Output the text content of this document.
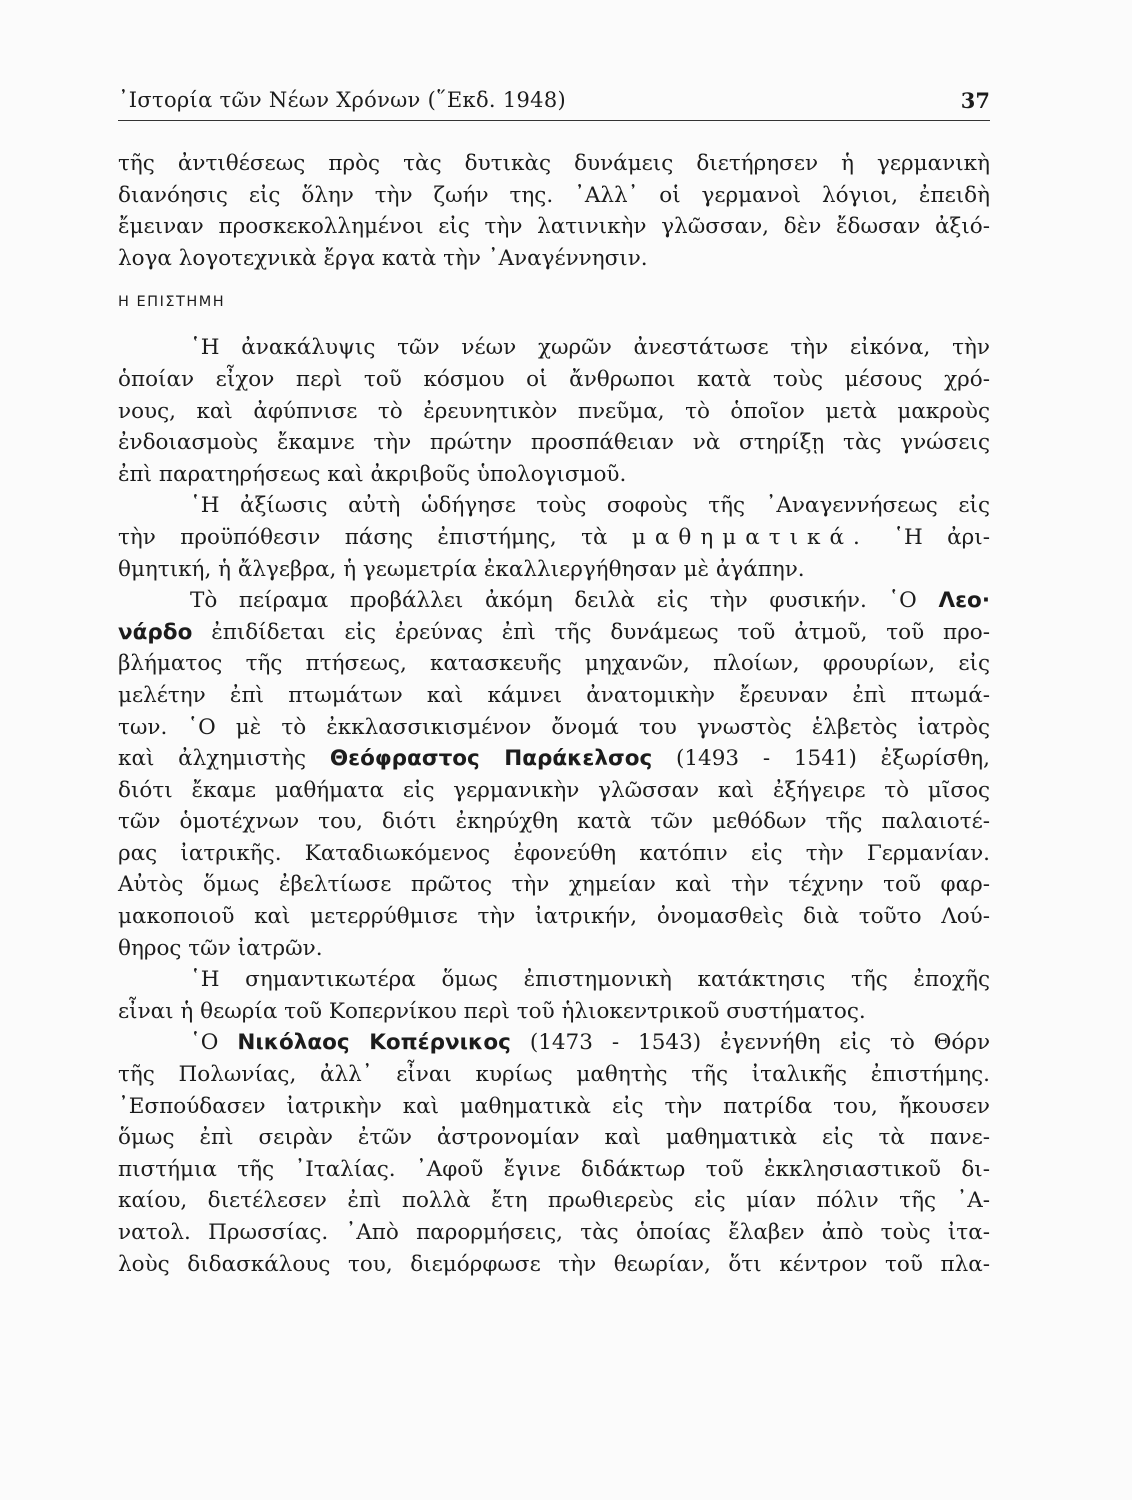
᾿Ιστορία τῶν Νέων Χρόνων (῞Εκδ. 1948)	37
τῆς ἀντιθέσεως πρὸς τὰς δυτικὰς δυνάμεις διετήρησεν ἡ γερμανικὴ
διανόησις εἰς ὅλην τὴν ζωήν της. ᾿Αλλ᾿ οἱ γερμανοὶ λόγιοι, ἐπειδὴ
ἔμειναν προσκεκολλημένοι εἰς τὴν λατινικὴν γλῶσσαν, δὲν ἔδωσαν ἀξιό-
λογα λογοτεχνικὰ ἔργα κατὰ τὴν ᾿Αναγέννησιν.
Η ΕΠΙΣΤΗΜΗ
῾Η ἀνακάλυψις τῶν νέων χωρῶν ἀνεστάτωσε τὴν εἰκόνα, τὴν
ὁποίαν εἶχον περὶ τοῦ κόσμου οἱ ἄνθρωποι κατὰ τοὺς μέσους χρό-
νους, καὶ ἀφύπνισε τὸ ἐρευνητικὸν πνεῦμα, τὸ ὁποῖον μετὰ μακροὺς
ἐνδοιασμοὺς ἔκαμνε τὴν πρώτην προσπάθειαν νὰ στηρίξῃ τὰς γνώσεις
ἐπὶ παρατηρήσεως καὶ ἀκριβοῦς ὑπολογισμοῦ.
῾Η ἀξίωσις αὐτὴ ὡδήγησε τοὺς σοφοὺς τῆς ᾿Αναγεννήσεως εἰς
τὴν προϋπόθεσιν πάσης ἐπιστήμης, τὰ μαθηματικά. ῾Η ἀρι-
θμητική, ἡ ἄλγεβρα, ἡ γεωμετρία ἐκαλλιεργήθησαν μὲ ἀγάπην.
Τὸ πείραμα προβάλλει ἀκόμη δειλὰ εἰς τὴν φυσικήν. ῾Ο Λεο·
νάρδο ἐπιδίδεται εἰς ἐρεύνας ἐπὶ τῆς δυνάμεως τοῦ ἀτμοῦ, τοῦ προ-
βλήματος τῆς πτήσεως, κατασκευῆς μηχανῶν, πλοίων, φρουρίων, εἰς
μελέτην ἐπὶ πτωμάτων καὶ κάμνει ἀνατομικὴν ἔρευναν ἐπὶ πτωμά-
των. ῾Ο μὲ τὸ ἐκκλασσικισμένον ὄνομά του γνωστὸς ἑλβετὸς ἰατρὸς
καὶ ἀλχημιστὴς Θεόφραστος Παράκελσος (1493 - 1541) ἐξωρίσθη,
διότι ἔκαμε μαθήματα εἰς γερμανικὴν γλῶσσαν καὶ ἐξήγειρε τὸ μῖσος
τῶν ὁμοτέχνων του, διότι ἐκηρύχθη κατὰ τῶν μεθόδων τῆς παλαιοτέ-
ρας ἰατρικῆς. Καταδιωκόμενος ἐφονεύθη κατόπιν εἰς τὴν Γερμανίαν.
Αὐτὸς ὅμως ἐβελτίωσε πρῶτος τὴν χημείαν καὶ τὴν τέχνην τοῦ φαρ-
μακοποιοῦ καὶ μετερρύθμισε τὴν ἰατρικήν, ὀνομασθεὶς διὰ τοῦτο Λού-
θηρος τῶν ἰατρῶν.
῾Η σημαντικωτέρα ὅμως ἐπιστημονικὴ κατάκτησις τῆς ἐποχῆς
εἶναι ἡ θεωρία τοῦ Κοπερνίκου περὶ τοῦ ἡλιοκεντρικοῦ συστήματος.
῾Ο Νικόλαος Κοπέρνικος (1473 - 1543) ἐγεννήθη εἰς τὸ Θόρν
τῆς Πολωνίας, ἀλλ᾿ εἶναι κυρίως μαθητὴς τῆς ἰταλικῆς ἐπιστήμης.
᾿Εσπούδασεν ἰατρικὴν καὶ μαθηματικὰ εἰς τὴν πατρίδα του, ἤκουσεν
ὅμως ἐπὶ σειρὰν ἐτῶν ἀστρονομίαν καὶ μαθηματικὰ εἰς τὰ πανε-
πιστήμια τῆς ᾿Ιταλίας. ᾿Αφοῦ ἔγινε διδάκτωρ τοῦ ἐκκλησιαστικοῦ δι-
καίου, διετέλεσεν ἐπὶ πολλὰ ἔτη πρωθιερεὺς εἰς μίαν πόλιν τῆς ᾿Α-
νατολ. Πρωσσίας. ᾿Απὸ παρορμήσεις, τὰς ὁποίας ἔλαβεν ἀπὸ τοὺς ἰτα-
λοὺς διδασκάλους του, διεμόρφωσε τὴν θεωρίαν, ὅτι κέντρον τοῦ πλα-
